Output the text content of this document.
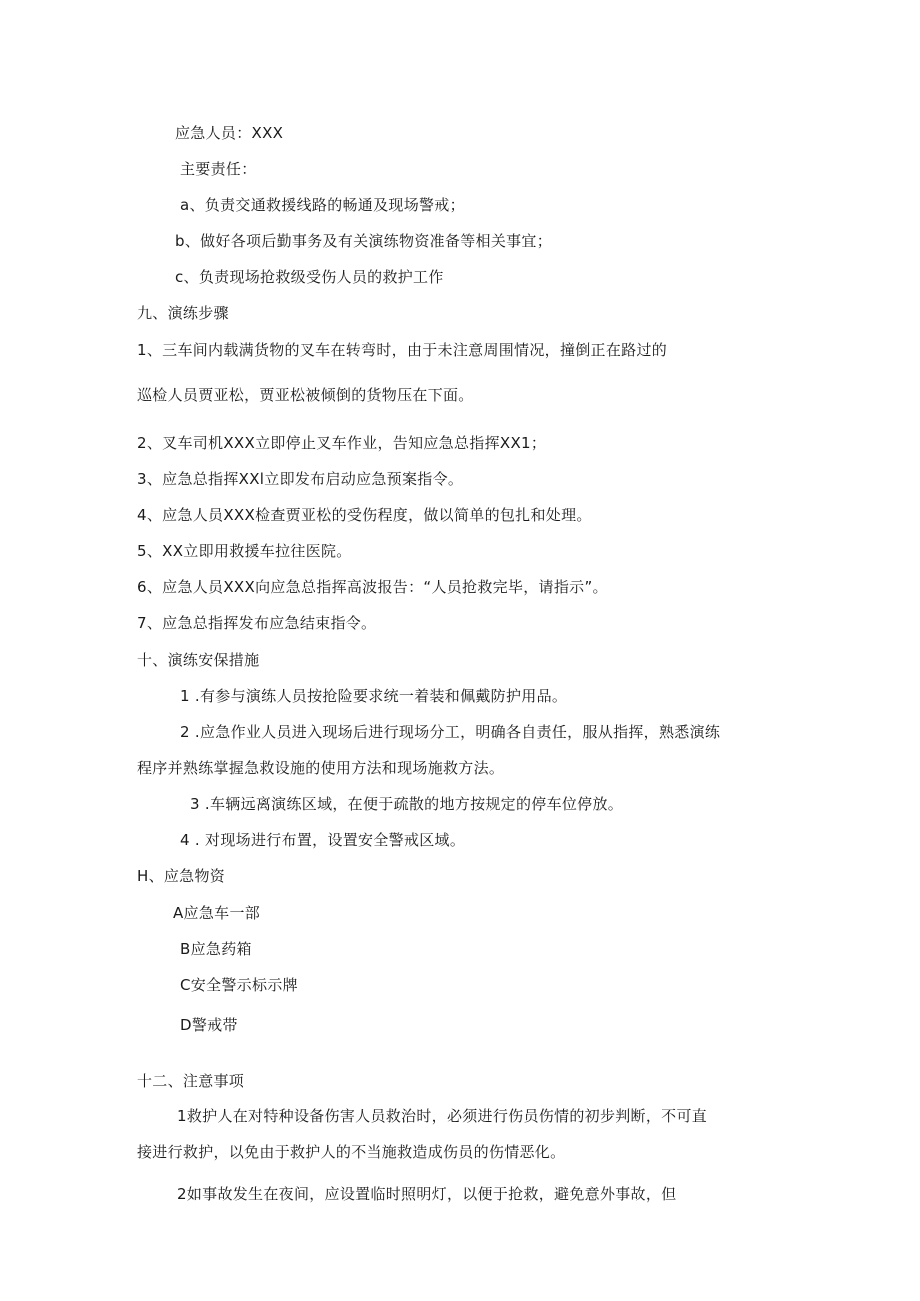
应急人员：XXX
主要责任：
a、负责交通救援线路的畅通及现场警戒；
b、做好各项后勤事务及有关演练物资准备等相关事宜；
c、负责现场抢救级受伤人员的救护工作
九、演练步骤
1、三车间内载满货物的叉车在转弯时，由于未注意周围情况，撞倒正在路过的
巡检人员贾亚松，贾亚松被倾倒的货物压在下面。
2、叉车司机XXX立即停止叉车作业，告知应急总指挥XX1；
3、应急总指挥XXl立即发布启动应急预案指令。
4、应急人员XXX检查贾亚松的受伤程度，做以简单的包扎和处理。
5、XX立即用救援车拉往医院。
6、应急人员XXX向应急总指挥高波报告：“人员抢救完毕，请指示”。
7、应急总指挥发布应急结束指令。
十、演练安保措施
1 .有参与演练人员按抢险要求统一着装和佩戴防护用品。
2 .应急作业人员进入现场后进行现场分工，明确各自责任，服从指挥，熟悉演练
程序并熟练掌握急救设施的使用方法和现场施救方法。
3 .车辆远离演练区域，在便于疏散的地方按规定的停车位停放。
4 . 对现场进行布置，设置安全警戒区域。
H、应急物资
A应急车一部
B应急药箱
C安全警示标示牌
D警戒带
十二、注意事项
1救护人在对特种设备伤害人员救治时，必须进行伤员伤情的初步判断，不可直
接进行救护，以免由于救护人的不当施救造成伤员的伤情恶化。
2如事故发生在夜间，应设置临时照明灯，以便于抢救，避免意外事故，但
